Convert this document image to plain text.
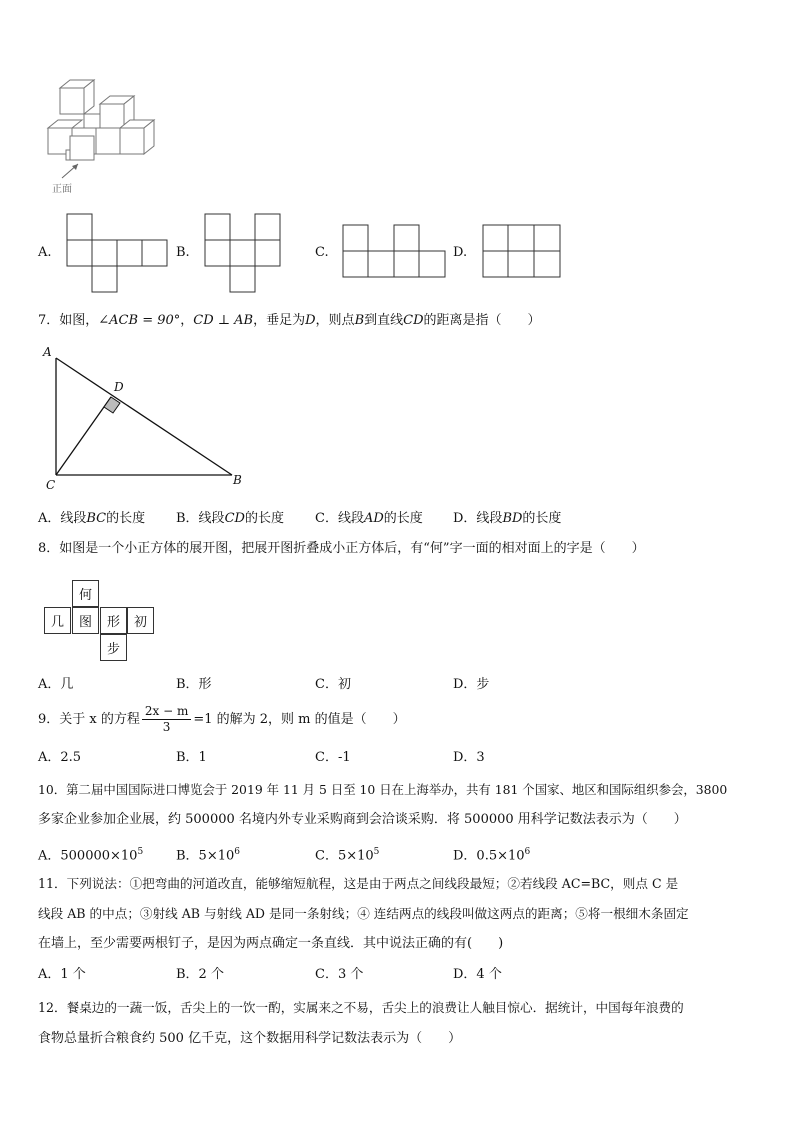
正面
A.	B.	C.	D.
7．如图，∠ACB = 90°，CD ⊥ AB，垂足为D，则点B到直线CD的距离是指（　　）
A
D
C	B
A．线段BC的长度 B．线段CD的长度 C．线段AD的长度 D．线段BD的长度
8．如图是一个小正方体的展开图，把展开图折叠成小正方体后，有“何”字一面的相对面上的字是（　　）
何
几	图	形	初
步
A．几	B．形	C．初	D．步
9．关于 x 的方程 $\frac{2x - m}{3} =1$ 的解为 2，则 m 的值是（　　）
A．2.5	B．1	C．-1	D．3
10．第二届中国国际进口博览会于 2019 年 11 月 5 日至 10 日在上海举办，共有 181 个国家、地区和国际组织参会，3800
多家企业参加企业展，约 500000 名境内外专业采购商到会洽谈采购．将 500000 用科学记数法表示为（　　）
A．$500000\times 10^5$	B．$5\times 10^6$	C．$5\times 10^5$	D．$0.5\times 10^6$
11．下列说法：①把弯曲的河道改直，能够缩短航程，这是由于两点之间线段最短；②若线段 AC=BC，则点 C 是
线段 AB 的中点；③射线 AB 与射线 AD 是同一条射线；④ 连结两点的线段叫做这两点的距离；⑤将一根细木条固定
在墙上，至少需要两根钉子，是因为两点确定一条直线．其中说法正确的有(　　)
A．1 个	B．2 个	C．3 个	D．4 个
12．餐桌边的一蔬一饭，舌尖上的一饮一酌，实属来之不易，舌尖上的浪费让人触目惊心．据统计，中国每年浪费的
食物总量折合粮食约 500 亿千克，这个数据用科学记数法表示为（　　）
